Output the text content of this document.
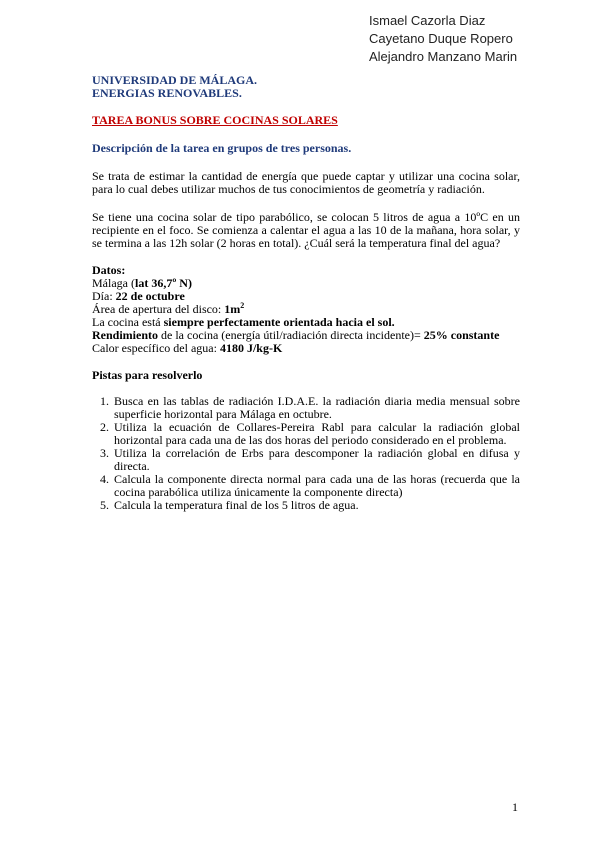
Ismael Cazorla Diaz
Cayetano Duque Ropero
Alejandro Manzano Marin
UNIVERSIDAD DE MÁLAGA.
ENERGIAS RENOVABLES.
TAREA BONUS SOBRE COCINAS SOLARES
Descripción de la tarea en grupos de tres personas.
Se trata de estimar la cantidad de energía que puede captar y utilizar una cocina solar, para lo cual debes utilizar muchos de tus conocimientos de geometría y radiación.
Se tiene una cocina solar de tipo parabólico, se colocan 5 litros de agua a 10ºC en un recipiente en el foco. Se comienza a calentar el agua a las 10 de la mañana, hora solar, y se termina a las 12h solar (2 horas en total). ¿Cuál será la temperatura final del agua?
Datos:
Málaga (lat 36,7º N)
Día: 22 de octubre
Área de apertura del disco: $1m^2$
La cocina está siempre perfectamente orientada hacia el sol.
Rendimiento de la cocina (energía útil/radiación directa incidente)= 25% constante
Calor específico del agua: 4180 J/kg-K
Pistas para resolverlo
1. Busca en las tablas de radiación I.D.A.E. la radiación diaria media mensual sobre superficie horizontal para Málaga en octubre.
2. Utiliza la ecuación de Collares-Pereira Rabl para calcular la radiación global horizontal para cada una de las dos horas del periodo considerado en el problema.
3. Utiliza la correlación de Erbs para descomponer la radiación global en difusa y directa.
4. Calcula la componente directa normal para cada una de las horas (recuerda que la cocina parabólica utiliza únicamente la componente directa)
5. Calcula la temperatura final de los 5 litros de agua.
1
